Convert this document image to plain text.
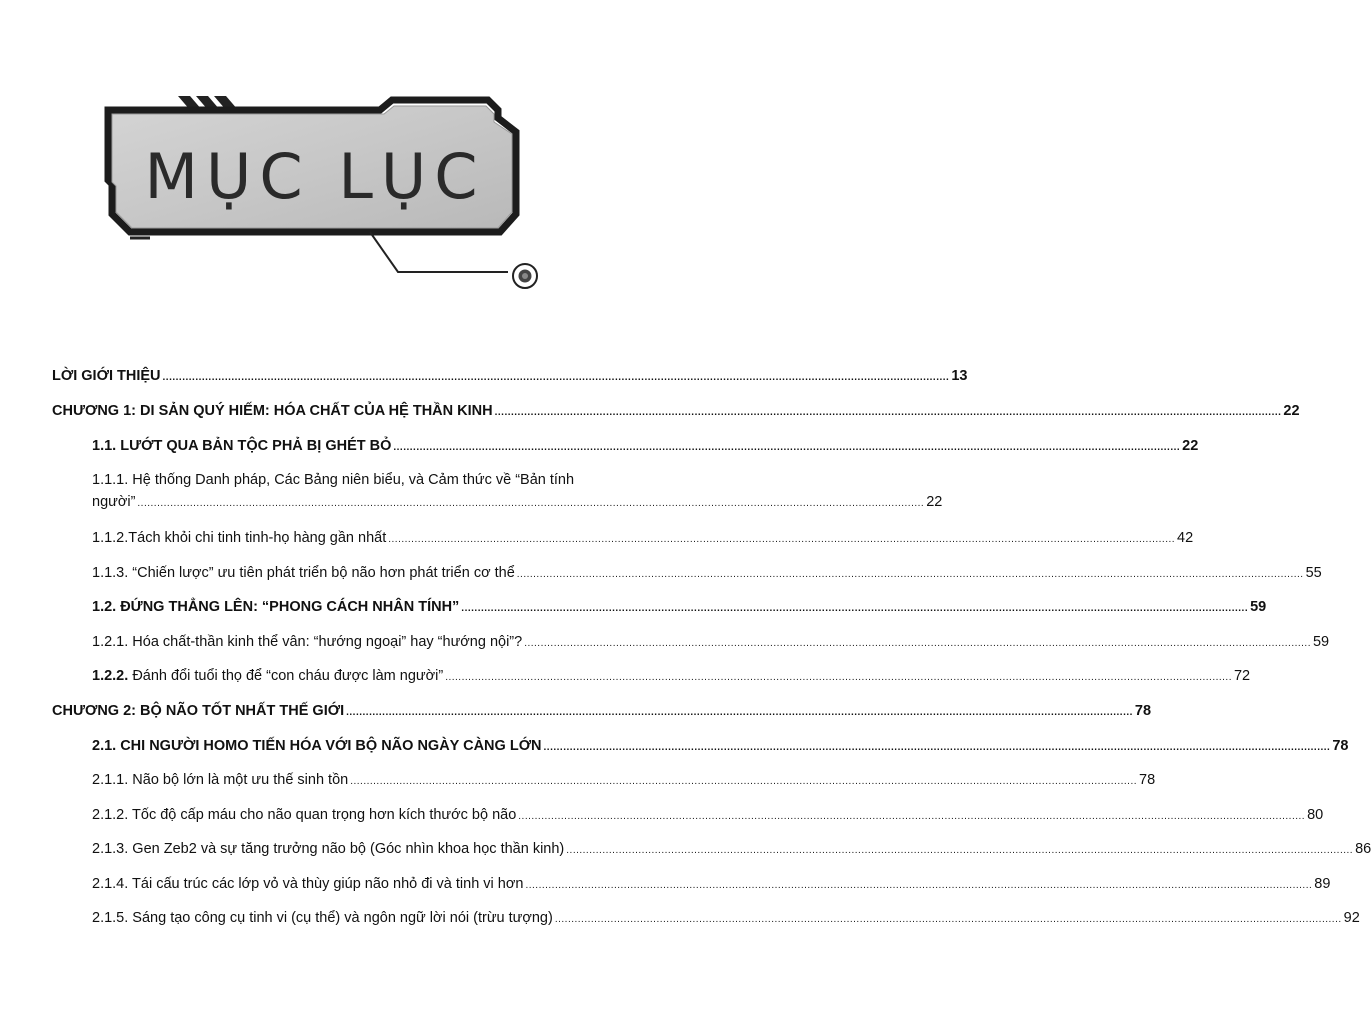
MỤC LỤC
LỜI GIỚI THIỆU .....	13
CHƯƠNG 1: DI SẢN QUÝ HIẾM: HÓA CHẤT CỦA HỆ THẦN KINH .....	22
1.1. LƯỚT QUA BẢN TỘC PHẢ BỊ GHÉT BỎ .....	22
1.1.1. Hệ thống Danh pháp, Các Bảng niên biểu, và Cảm thức về “Bản tính
người” .....	22
1.1.2.Tách khỏi chi tinh tinh-họ hàng gần nhất .....	42
1.1.3. “Chiến lược” ưu tiên phát triển bộ não hơn phát triển cơ thể .....	55
1.2. ĐỨNG THẲNG LÊN: “PHONG CÁCH NHÂN TÍNH” .....	59
1.2.1. Hóa chất-thần kinh thể vân: “hướng ngoại” hay “hướng nội”? .....	59
1.2.2. Đánh đổi tuổi thọ để “con cháu được làm người” .....	72
CHƯƠNG 2: BỘ NÃO TỐT NHẤT THẾ GIỚI .....	78
2.1. CHI NGƯỜI HOMO TIẾN HÓA VỚI BỘ NÃO NGÀY CÀNG LỚN .....	78
2.1.1. Não bộ lớn là một ưu thế sinh tồn .....	78
2.1.2. Tốc độ cấp máu cho não quan trọng hơn kích thước bộ não .....	80
2.1.3. Gen Zeb2 và sự tăng trưởng não bộ (Góc nhìn khoa học thần kinh) .....	86
2.1.4. Tái cấu trúc các lớp vỏ và thùy giúp não nhỏ đi và tinh vi hơn .....	89
2.1.5. Sáng tạo công cụ tinh vi (cụ thể) và ngôn ngữ lời nói (trừu tượng) .....	92
